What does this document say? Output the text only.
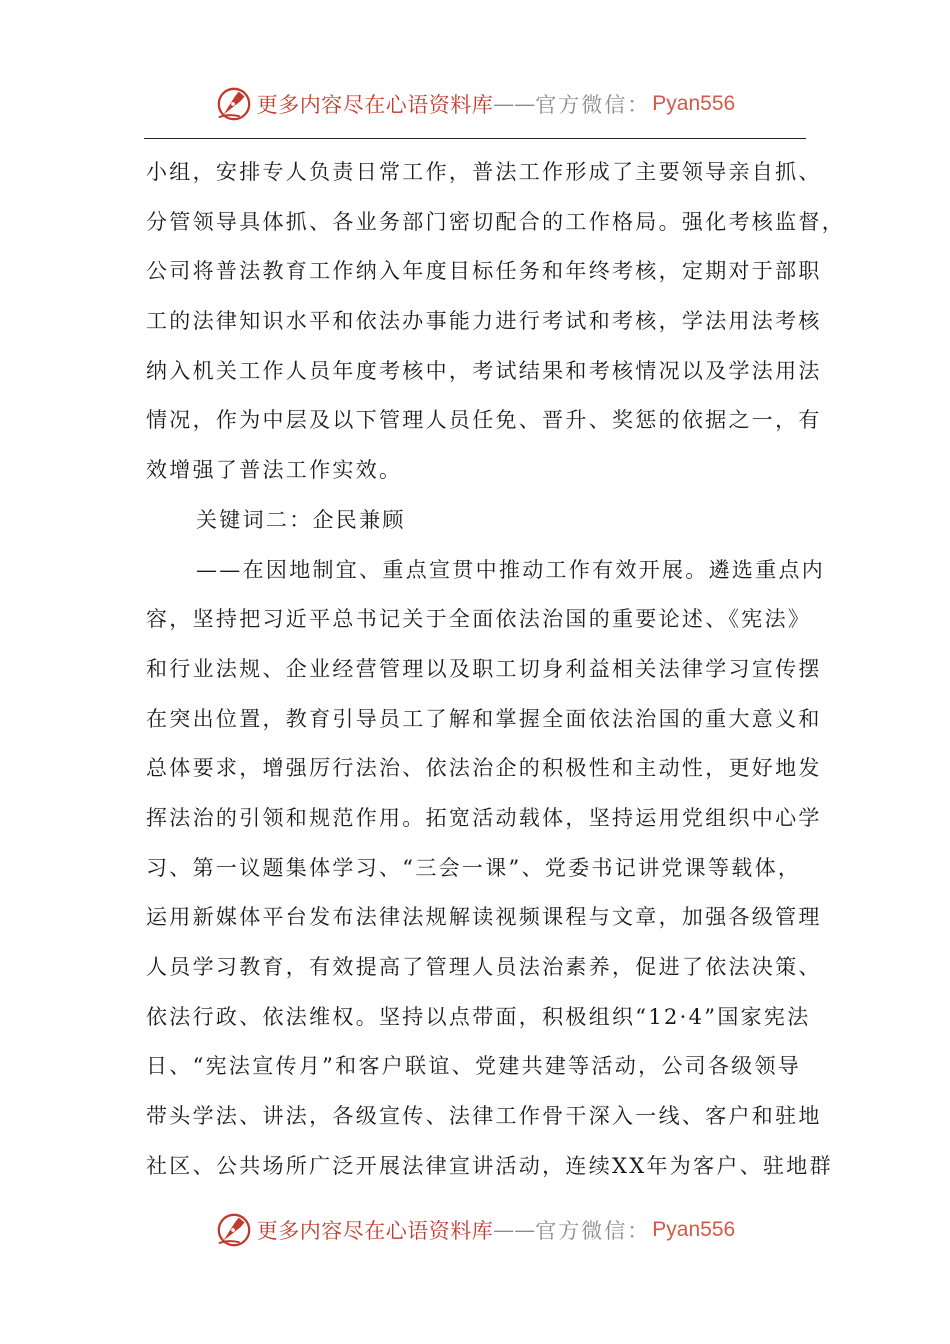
更多内容尽在心语资料库 —— 官方微信： Pyan556
小组，安排专人负责日常工作，普法工作形成了主要领导亲自抓、
分管领导具体抓、各业务部门密切配合的工作格局。强化考核监督，
公司将普法教育工作纳入年度目标任务和年终考核，定期对于部职
工的法律知识水平和依法办事能力进行考试和考核，学法用法考核
纳入机关工作人员年度考核中，考试结果和考核情况以及学法用法
情况，作为中层及以下管理人员任免、晋升、奖惩的依据之一，有
效增强了普法工作实效。
关键词二：企民兼顾
——在因地制宜、重点宣贯中推动工作有效开展。遴选重点内
容，坚持把习近平总书记关于全面依法治国的重要论述、《宪法》
和行业法规、企业经营管理以及职工切身利益相关法律学习宣传摆
在突出位置，教育引导员工了解和掌握全面依法治国的重大意义和
总体要求，增强厉行法治、依法治企的积极性和主动性，更好地发
挥法治的引领和规范作用。拓宽活动载体，坚持运用党组织中心学
习、第一议题集体学习、“三会一课”、党委书记讲党课等载体，
运用新媒体平台发布法律法规解读视频课程与文章，加强各级管理
人员学习教育，有效提高了管理人员法治素养，促进了依法决策、
依法行政、依法维权。坚持以点带面，积极组织“12·4”国家宪法
日、“宪法宣传月”和客户联谊、党建共建等活动，公司各级领导
带头学法、讲法，各级宣传、法律工作骨干深入一线、客户和驻地
社区、公共场所广泛开展法律宣讲活动，连续XX年为客户、驻地群
更多内容尽在心语资料库 —— 官方微信： Pyan556
